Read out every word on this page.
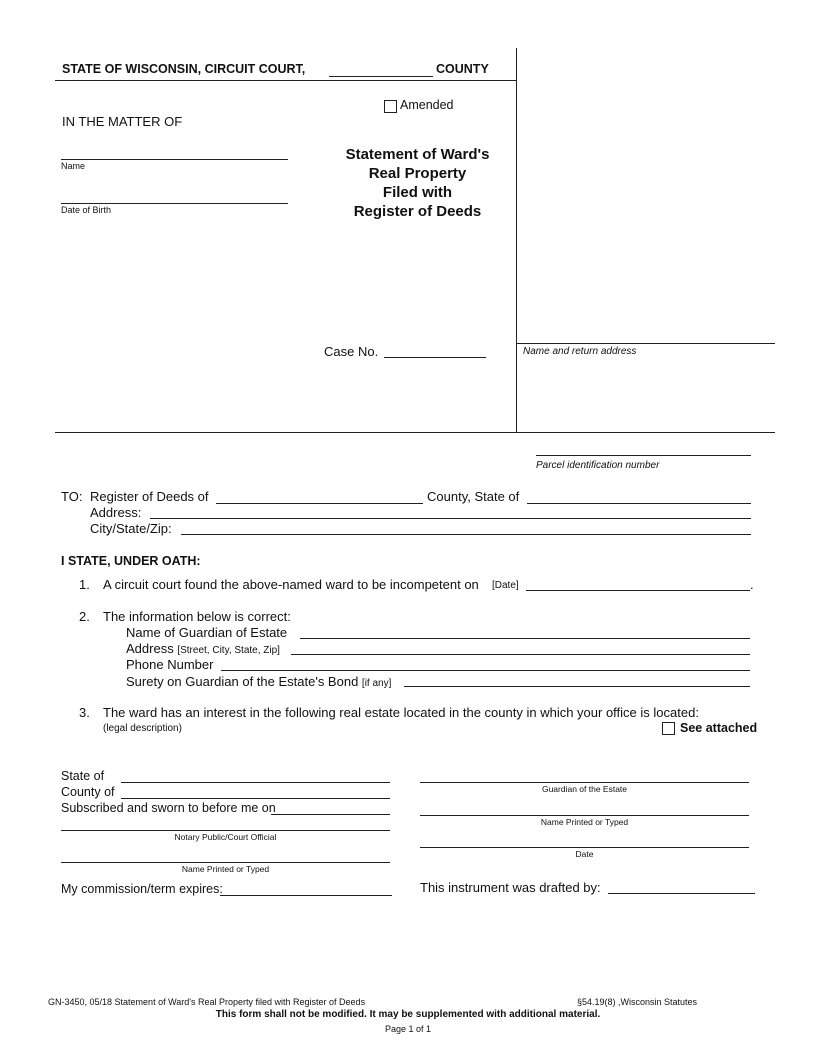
STATE OF WISCONSIN, CIRCUIT COURT,	COUNTY
Amended
IN THE MATTER OF
Name
Date of Birth
Statement of Ward's
Real Property
Filed with
Register of Deeds
Case No.	Name and return address
Parcel identification number
TO: Register of Deeds of	County, State of
Address:
City/State/Zip:
I STATE, UNDER OATH:
1. A circuit court found the above-named ward to be incompetent on [Date]	.
2. The information below is correct:
Name of Guardian of Estate
Address [Street, City, State, Zip]
Phone Number
Surety on Guardian of the Estate's Bond [if any]
3. The ward has an interest in the following real estate located in the county in which your office is located:
(legal description)	See attached
State of
County of
Subscribed and sworn to before me on
Notary Public/Court Official
Name Printed or Typed
My commission/term expires:
Guardian of the Estate
Name Printed or Typed
Date
This instrument was drafted by:
GN-3450, 05/18 Statement of Ward's Real Property filed with Register of Deeds	§54.19(8) ,Wisconsin Statutes
This form shall not be modified. It may be supplemented with additional material.
Page 1 of 1
